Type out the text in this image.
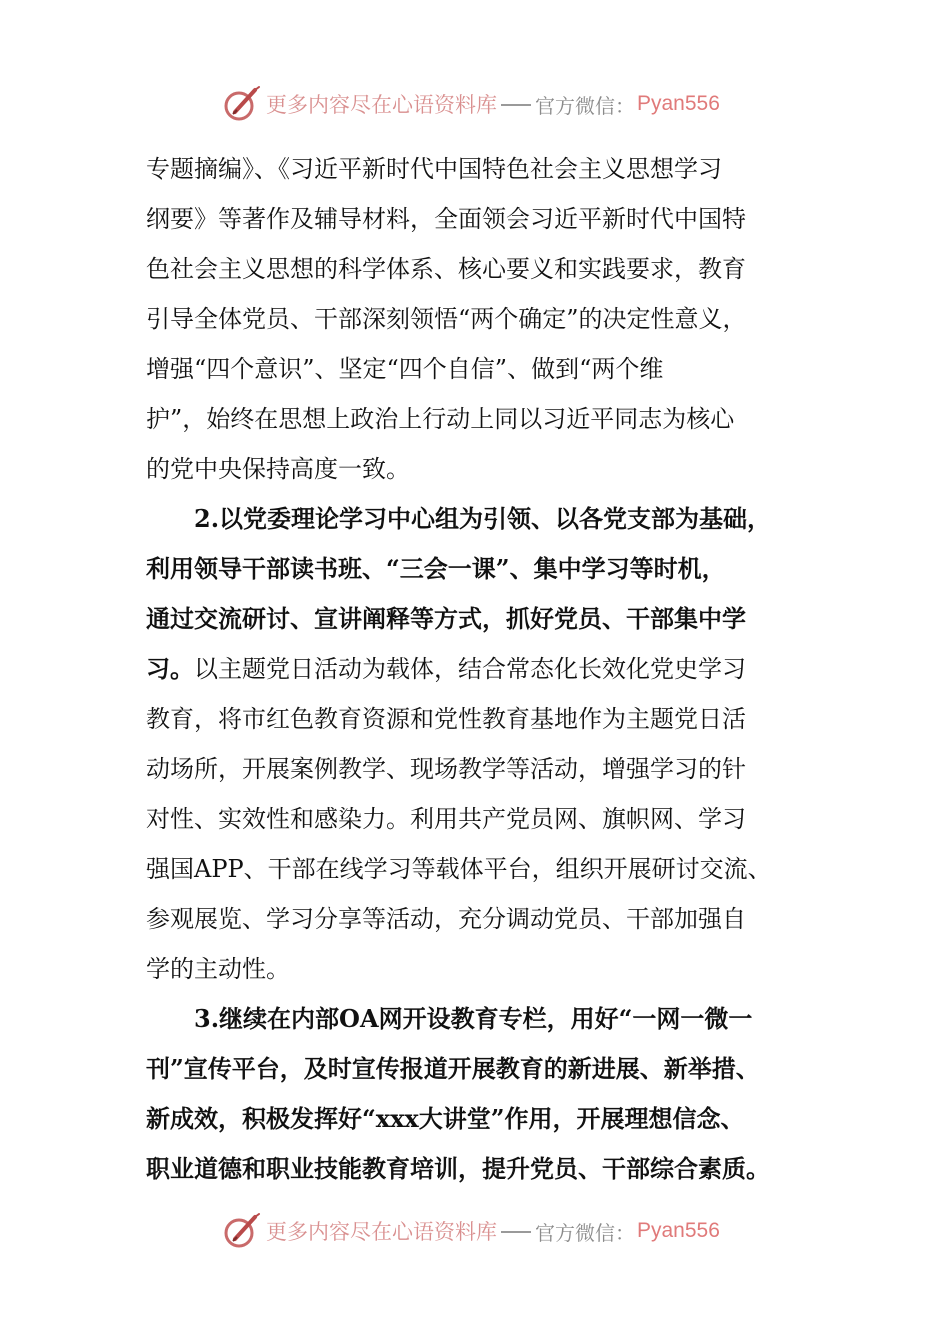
更多内容尽在心语资料库 官方微信： Pyan556
专题摘编》、《习近平新时代中国特色社会主义思想学习
纲要》等著作及辅导材料，全面领会习近平新时代中国特
色社会主义思想的科学体系、核心要义和实践要求，教育
引导全体党员、干部深刻领悟“两个确定”的决定性意义，
增强“四个意识”、坚定“四个自信”、做到“两个维
护”，始终在思想上政治上行动上同以习近平同志为核心
的党中央保持高度一致。
2.以党委理论学习中心组为引领、以各党支部为基础，
利用领导干部读书班、“三会一课”、集中学习等时机，
通过交流研讨、宣讲阐释等方式，抓好党员、干部集中学
习。以主题党日活动为载体，结合常态化长效化党史学习
教育，将市红色教育资源和党性教育基地作为主题党日活
动场所，开展案例教学、现场教学等活动，增强学习的针
对性、实效性和感染力。利用共产党员网、旗帜网、学习
强国APP、干部在线学习等载体平台，组织开展研讨交流、
参观展览、学习分享等活动，充分调动党员、干部加强自
学的主动性。
3.继续在内部OA网开设教育专栏，用好“一网一微一
刊”宣传平台，及时宣传报道开展教育的新进展、新举措、
新成效，积极发挥好“xxx大讲堂”作用，开展理想信念、
职业道德和职业技能教育培训，提升党员、干部综合素质。
更多内容尽在心语资料库 官方微信： Pyan556
